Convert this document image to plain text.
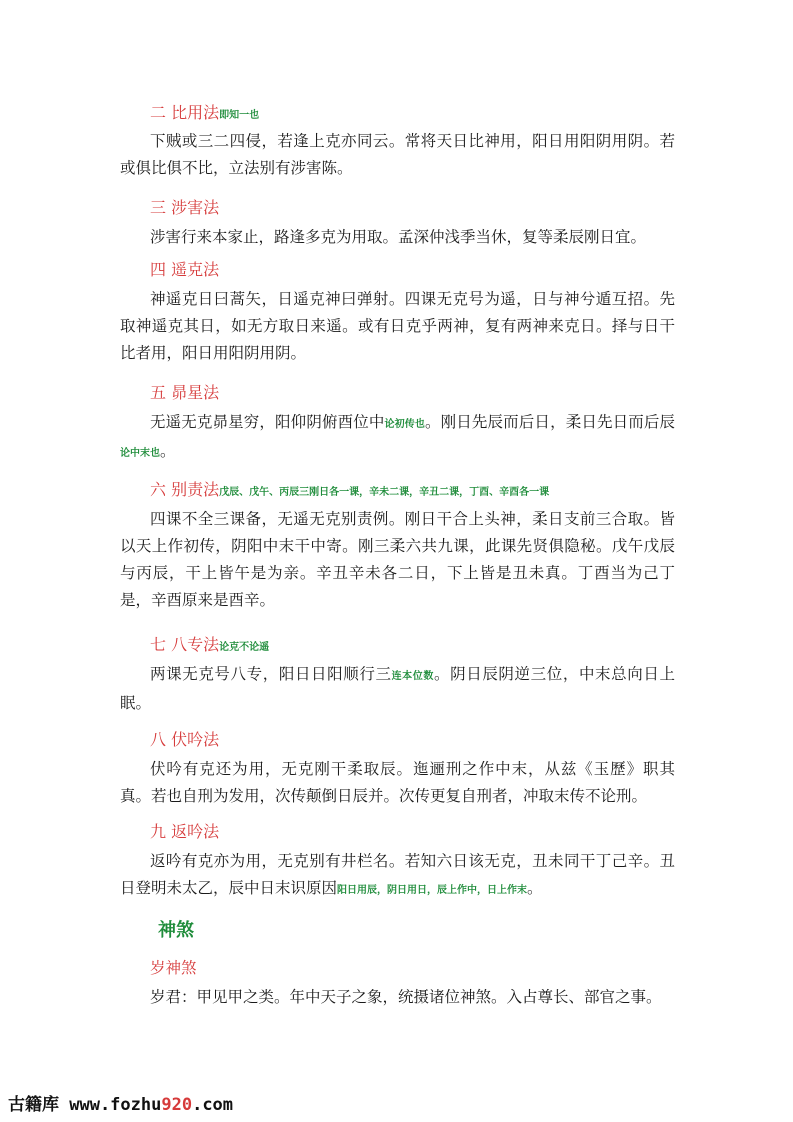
二 比用法即知一也
下贼或三二四侵，若逢上克亦同云。常将天日比神用，阳日用阳阴用阴。若或俱比俱不比，立法别有涉害陈。
三 涉害法
涉害行来本家止，路逢多克为用取。孟深仲浅季当休，复等柔辰刚日宜。
四 遥克法
神遥克日曰蒿矢，日遥克神曰弹射。四课无克号为遥，日与神兮遁互招。先取神遥克其日，如无方取日来遥。或有日克乎两神，复有两神来克日。择与日干比者用，阳日用阳阴用阴。
五 昴星法
无遥无克昴星穷，阳仰阴俯酉位中论初传也。刚日先辰而后日，柔日先日而后辰论中末也。
六 别责法戊辰、戊午、丙辰三刚日各一课，辛未二课，辛丑二课，丁酉、辛酉各一课
四课不全三课备，无遥无克别责例。刚日干合上头神，柔日支前三合取。皆以天上作初传，阴阳中末干中寄。刚三柔六共九课，此课先贤俱隐秘。戊午戊辰与丙辰，干上皆午是为亲。辛丑辛未各二日，下上皆是丑未真。丁酉当为己丁是，辛酉原来是酉辛。
七 八专法论克不论遥
两课无克号八专，阳日日阳顺行三连本位数。阴日辰阴逆三位，中末总向日上眠。
八 伏吟法
伏吟有克还为用，无克刚干柔取辰。迤逦刑之作中末，从兹《玉歷》职其真。若也自刑为发用，次传颠倒日辰并。次传更复自刑者，冲取末传不论刑。
九 返吟法
返吟有克亦为用，无克别有井栏名。若知六日该无克，丑未同干丁己辛。丑日登明未太乙，辰中日末识原因阳日用辰，阴日用日，辰上作中，日上作末。
神煞
岁神煞
岁君：甲见甲之类。年中天子之象，统摄诸位神煞。入占尊长、部官之事。
古籍库 www.fozhu920.com
